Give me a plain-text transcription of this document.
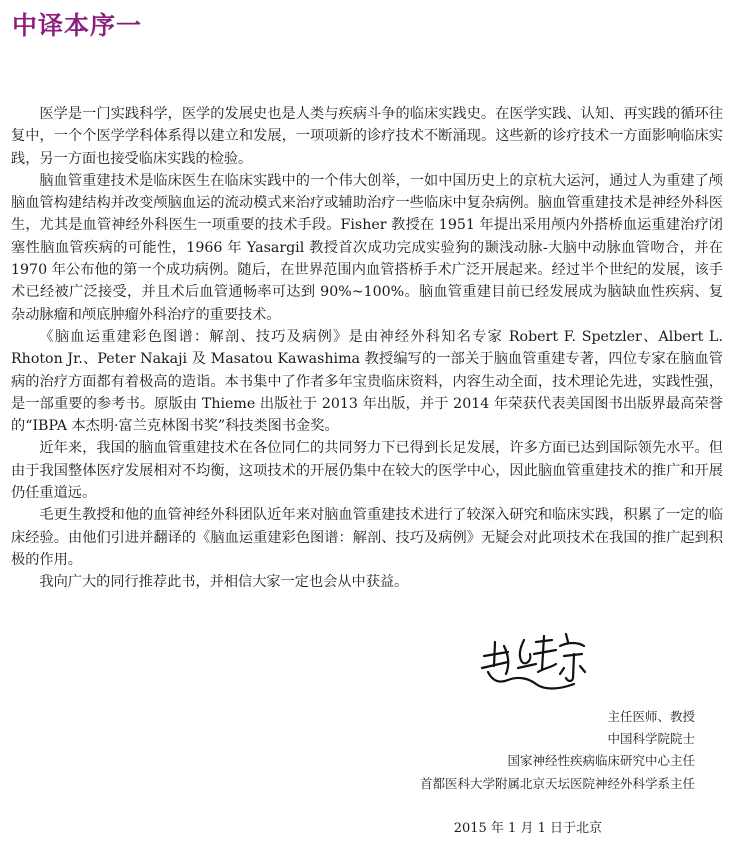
中译本序一

医学是一门实践科学，医学的发展史也是人类与疾病斗争的临床实践史。在医学实践、认知、再实践的循环往复中，一个个医学学科体系得以建立和发展，一项项新的诊疗技术不断涌现。这些新的诊疗技术一方面影响临床实践，另一方面也接受临床实践的检验。

脑血管重建技术是临床医生在临床实践中的一个伟大创举，一如中国历史上的京杭大运河，通过人为重建了颅脑血管构建结构并改变颅脑血运的流动模式来治疗或辅助治疗一些临床中复杂病例。脑血管重建技术是神经外科医生，尤其是血管神经外科医生一项重要的技术手段。Fisher 教授在 1951 年提出采用颅内外搭桥血运重建治疗闭塞性脑血管疾病的可能性，1966 年 Yasargil 教授首次成功完成实验狗的颞浅动脉-大脑中动脉血管吻合，并在 1970 年公布他的第一个成功病例。随后，在世界范围内血管搭桥手术广泛开展起来。经过半个世纪的发展，该手术已经被广泛接受，并且术后血管通畅率可达到 90%~100%。脑血管重建目前已经发展成为脑缺血性疾病、复杂动脉瘤和颅底肿瘤外科治疗的重要技术。

《脑血运重建彩色图谱：解剖、技巧及病例》是由神经外科知名专家 Robert F. Spetzler、Albert L. Rhoton Jr.、Peter Nakaji 及 Masatou Kawashima 教授编写的一部关于脑血管重建专著，四位专家在脑血管病的治疗方面都有着极高的造诣。本书集中了作者多年宝贵临床资料，内容生动全面，技术理论先进，实践性强，是一部重要的参考书。原版由 Thieme 出版社于 2013 年出版，并于 2014 年荣获代表美国图书出版界最高荣誉的“IBPA 本杰明·富兰克林图书奖”科技类图书金奖。

近年来，我国的脑血管重建技术在各位同仁的共同努力下已得到长足发展，许多方面已达到国际领先水平。但由于我国整体医疗发展相对不均衡，这项技术的开展仍集中在较大的医学中心，因此脑血管重建技术的推广和开展仍任重道远。

毛更生教授和他的血管神经外科团队近年来对脑血管重建技术进行了较深入研究和临床实践，积累了一定的临床经验。由他们引进并翻译的《脑血运重建彩色图谱：解剖、技巧及病例》无疑会对此项技术在我国的推广起到积极的作用。

我向广大的同行推荐此书，并相信大家一定也会从中获益。

主任医师、教授
中国科学院院士
国家神经性疾病临床研究中心主任
首都医科大学附属北京天坛医院神经外科学系主任
2015 年 1 月 1 日于北京
